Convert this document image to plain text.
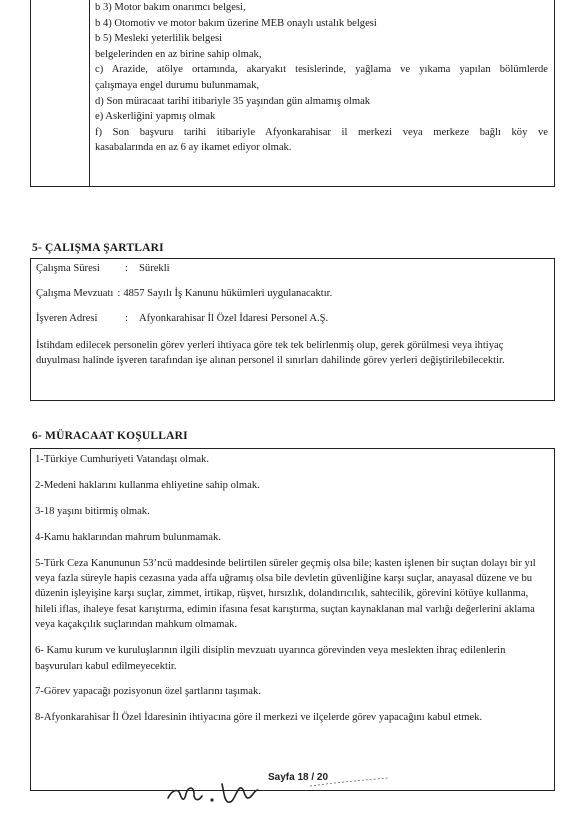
b 3) Motor bakım onarımcı belgesi,
b 4) Otomotiv ve motor bakım üzerine MEB onaylı ustalık belgesi
b 5) Mesleki yeterlilik belgesi
belgelerinden en az birine sahip olmak,
c) Arazide, atölye ortamında, akaryakıt tesislerinde, yağlama ve yıkama yapılan bölümlerde
çalışmaya engel durumu bulunmamak,
d) Son müracaat tarihi itibariyle 35 yaşından gün almamış olmak
e) Askerliğini yapmış olmak
f) Son başvuru tarihi itibariyle Afyonkarahisar il merkezi veya merkeze bağlı köy ve
kasabalarında en az 6 ay ikamet ediyor olmak.
5- ÇALIŞMA ŞARTLARI
Çalışma Süresi	:	Sürekli
Çalışma Mevzuatı : 4857 Sayılı İş Kanunu hükümleri uygulanacaktır.
İşveren Adresi	:	Afyonkarahisar İl Özel İdaresi Personel A.Ş.
İstihdam edilecek personelin görev yerleri ihtiyaca göre tek tek belirlenmiş olup, gerek görülmesi veya ihtiyaç duyulması halinde işveren tarafından işe alınan personel il sınırları dahilinde görev yerleri değiştirilebilecektir.
6- MÜRACAAT KOŞULLARI

1-Türkiye Cumhuriyeti Vatandaşı olmak.

2-Medeni haklarını kullanma ehliyetine sahip olmak.

3-18 yaşını bitirmiş olmak.

4-Kamu haklarından mahrum bulunmamak.

5-Türk Ceza Kanununun 53’ncü maddesinde belirtilen süreler geçmiş olsa bile; kasten işlenen bir suçtan dolayı bir yıl veya fazla süreyle hapis cezasına yada affa uğramış olsa bile devletin güvenliğine karşı suçlar, anayasal düzene ve bu düzenin işleyişine karşı suçlar, zimmet, irtikap, rüşvet, hırsızlık, dolandırıcılık, sahtecilik, görevini kötüye kullanma, hileli iflas, ihaleye fesat karıştırma, edimin ifasına fesat karıştırma, suçtan kaynaklanan mal varlığı değerlerini aklama veya kaçakçılık suçlarından mahkum olmamak.

6- Kamu kurum ve kuruluşlarının ilgili disiplin mevzuatı uyarınca görevinden veya meslekten ihraç edilenlerin başvuruları kabul edilmeyecektir.

7-Görev yapacağı pozisyonun özel şartlarını taşımak.

8-Afyonkarahisar İl Özel İdaresinin ihtiyacına göre il merkezi ve ilçelerde görev yapacağını kabul etmek.

Sayfa 18 / 20
